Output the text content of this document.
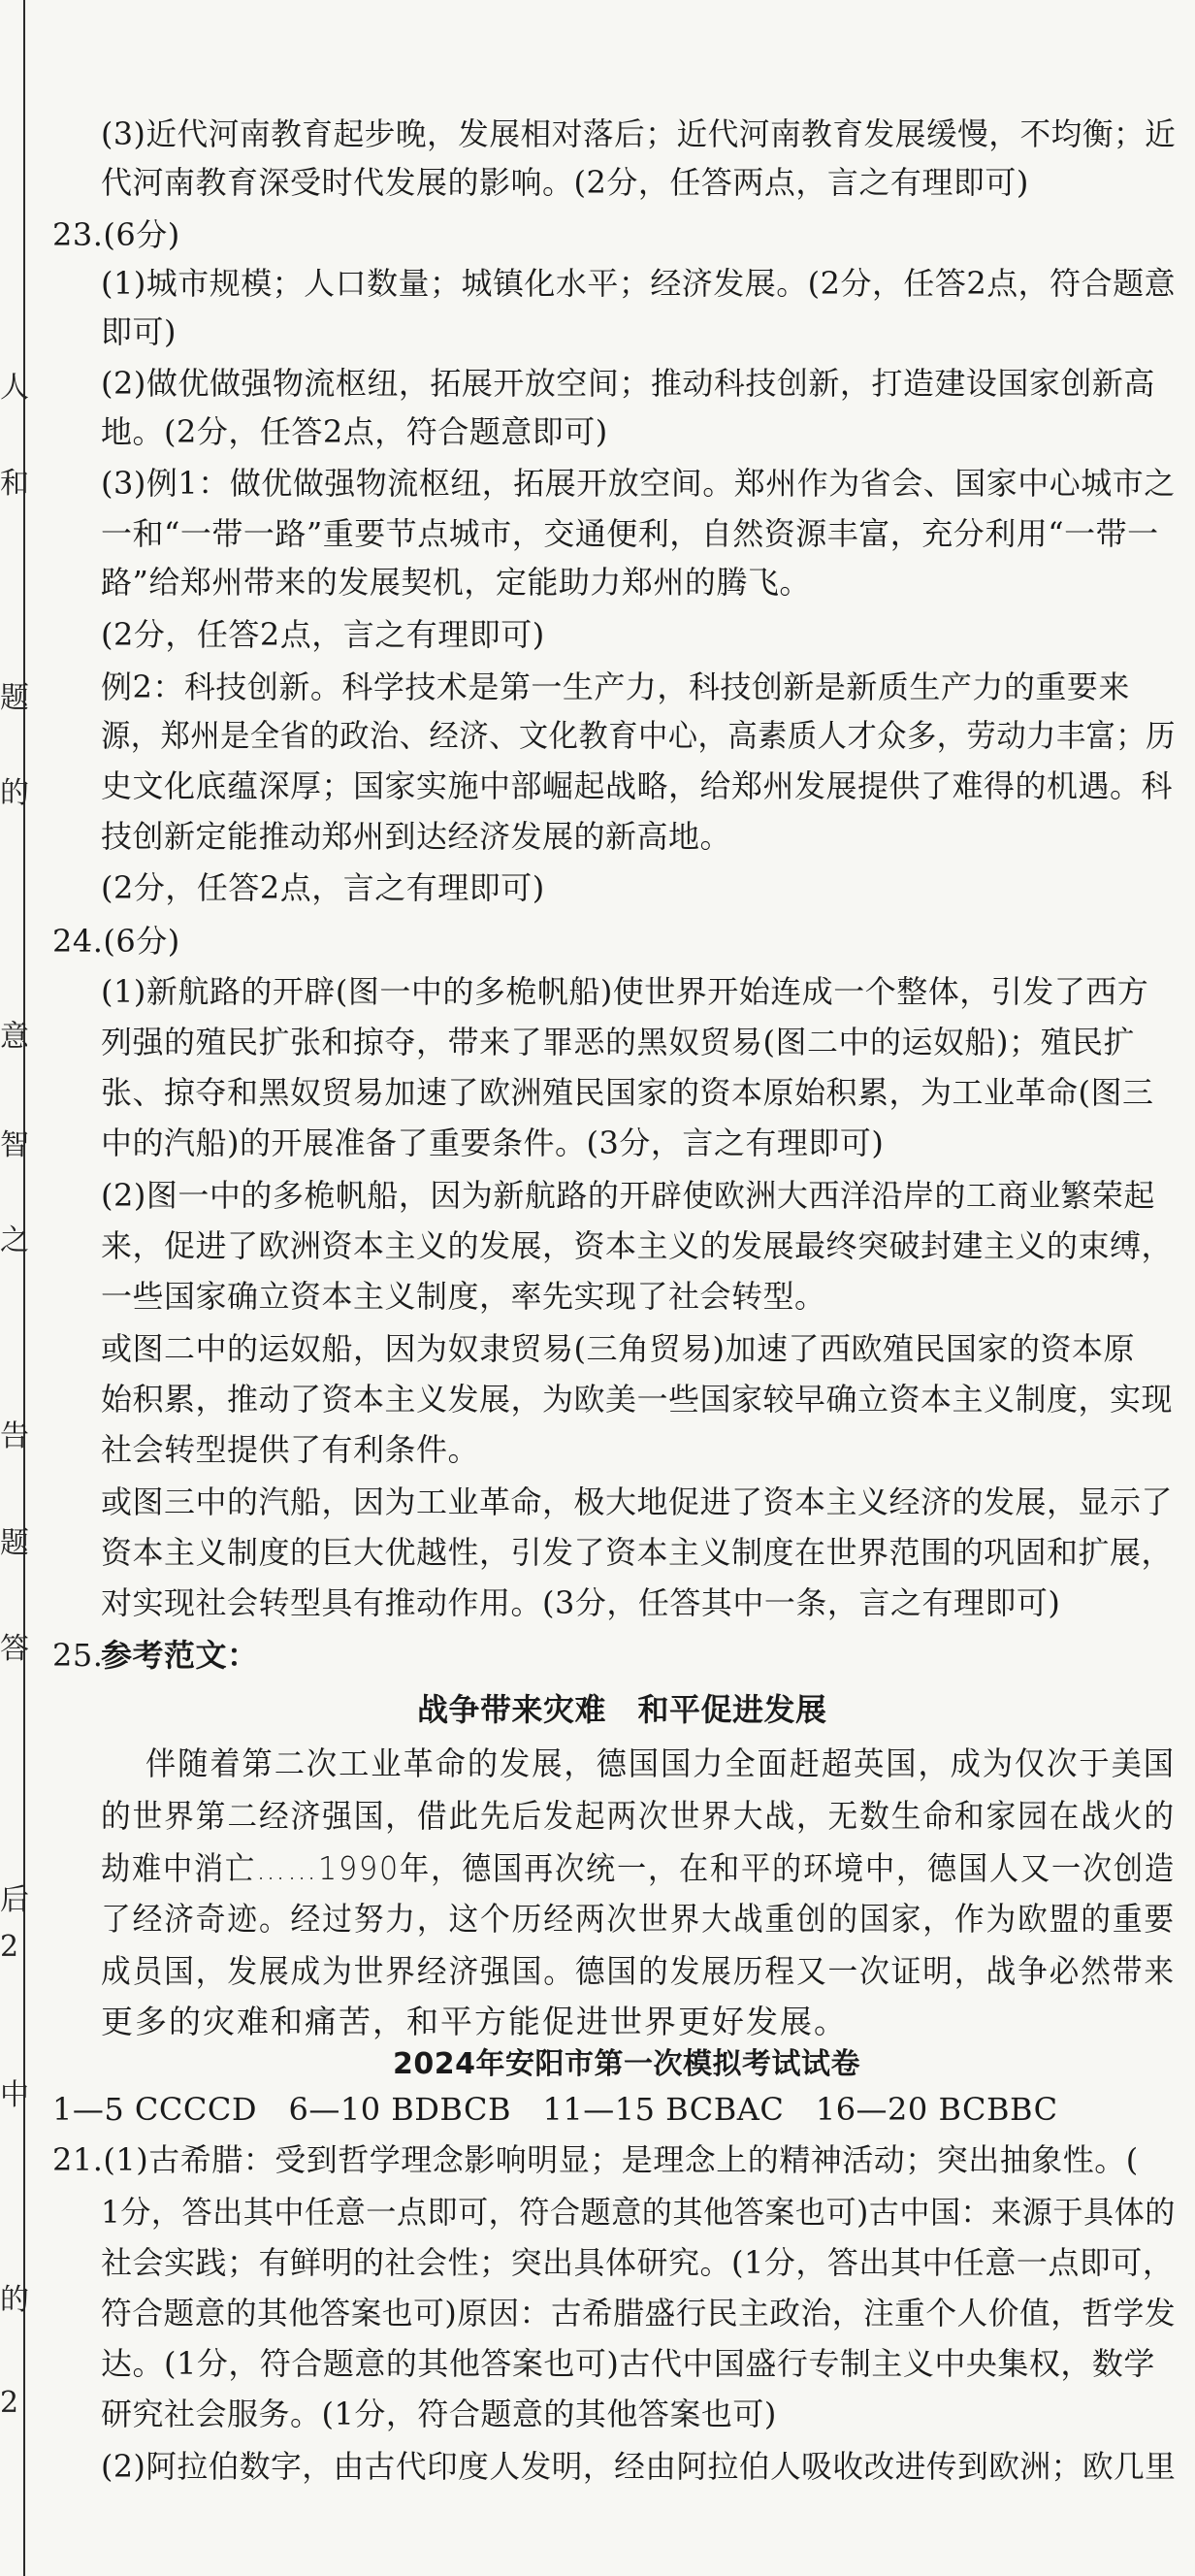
人
和
题
的
意
智
之
告
题
答
后
2
中
的
2
(3)近代河南教育起步晚，发展相对落后；近代河南教育发展缓慢，不均衡；近
代河南教育深受时代发展的影响。(2分，任答两点，言之有理即可)
23.(6分)
(1)城市规模；人口数量；城镇化水平；经济发展。(2分，任答2点，符合题意
即可)
(2)做优做强物流枢纽，拓展开放空间；推动科技创新，打造建设国家创新高
地。(2分，任答2点，符合题意即可)
(3)例1：做优做强物流枢纽，拓展开放空间。郑州作为省会、国家中心城市之
一和“一带一路”重要节点城市，交通便利，自然资源丰富，充分利用“一带一
路”给郑州带来的发展契机，定能助力郑州的腾飞。
(2分，任答2点，言之有理即可)
例2：科技创新。科学技术是第一生产力，科技创新是新质生产力的重要来
源，郑州是全省的政治、经济、文化教育中心，高素质人才众多，劳动力丰富；历
史文化底蕴深厚；国家实施中部崛起战略，给郑州发展提供了难得的机遇。科
技创新定能推动郑州到达经济发展的新高地。
(2分，任答2点，言之有理即可)
24.(6分)
(1)新航路的开辟(图一中的多桅帆船)使世界开始连成一个整体，引发了西方
列强的殖民扩张和掠夺，带来了罪恶的黑奴贸易(图二中的运奴船)；殖民扩
张、掠夺和黑奴贸易加速了欧洲殖民国家的资本原始积累，为工业革命(图三
中的汽船)的开展准备了重要条件。(3分，言之有理即可)
(2)图一中的多桅帆船，因为新航路的开辟使欧洲大西洋沿岸的工商业繁荣起
来，促进了欧洲资本主义的发展，资本主义的发展最终突破封建主义的束缚，
一些国家确立资本主义制度，率先实现了社会转型。
或图二中的运奴船，因为奴隶贸易(三角贸易)加速了西欧殖民国家的资本原
始积累，推动了资本主义发展，为欧美一些国家较早确立资本主义制度，实现
社会转型提供了有利条件。
或图三中的汽船，因为工业革命，极大地促进了资本主义经济的发展，显示了
资本主义制度的巨大优越性，引发了资本主义制度在世界范围的巩固和扩展，
对实现社会转型具有推动作用。(3分，任答其中一条，言之有理即可)
25.
参考范文：
战争带来灾难　和平促进发展
伴随着第二次工业革命的发展，德国国力全面赶超英国，成为仅次于美国
的世界第二经济强国，借此先后发起两次世界大战，无数生命和家园在战火的
劫难中消亡……1990年，德国再次统一，在和平的环境中，德国人又一次创造
了经济奇迹。经过努力，这个历经两次世界大战重创的国家，作为欧盟的重要
成员国，发展成为世界经济强国。德国的发展历程又一次证明，战争必然带来
更多的灾难和痛苦，和平方能促进世界更好发展。
2024年安阳市第一次模拟考试试卷
1—5 CCCCD　6—10 BDBCB　11—15 BCBAC　16—20 BCBBC
21.(1)古希腊：受到哲学理念影响明显；是理念上的精神活动；突出抽象性。(
1分，答出其中任意一点即可，符合题意的其他答案也可)古中国：来源于具体的
社会实践；有鲜明的社会性；突出具体研究。(1分，答出其中任意一点即可，
符合题意的其他答案也可)原因：古希腊盛行民主政治，注重个人价值，哲学发
达。(1分，符合题意的其他答案也可)古代中国盛行专制主义中央集权，数学
研究社会服务。(1分，符合题意的其他答案也可)
(2)阿拉伯数字，由古代印度人发明，经由阿拉伯人吸收改进传到欧洲；欧几里
